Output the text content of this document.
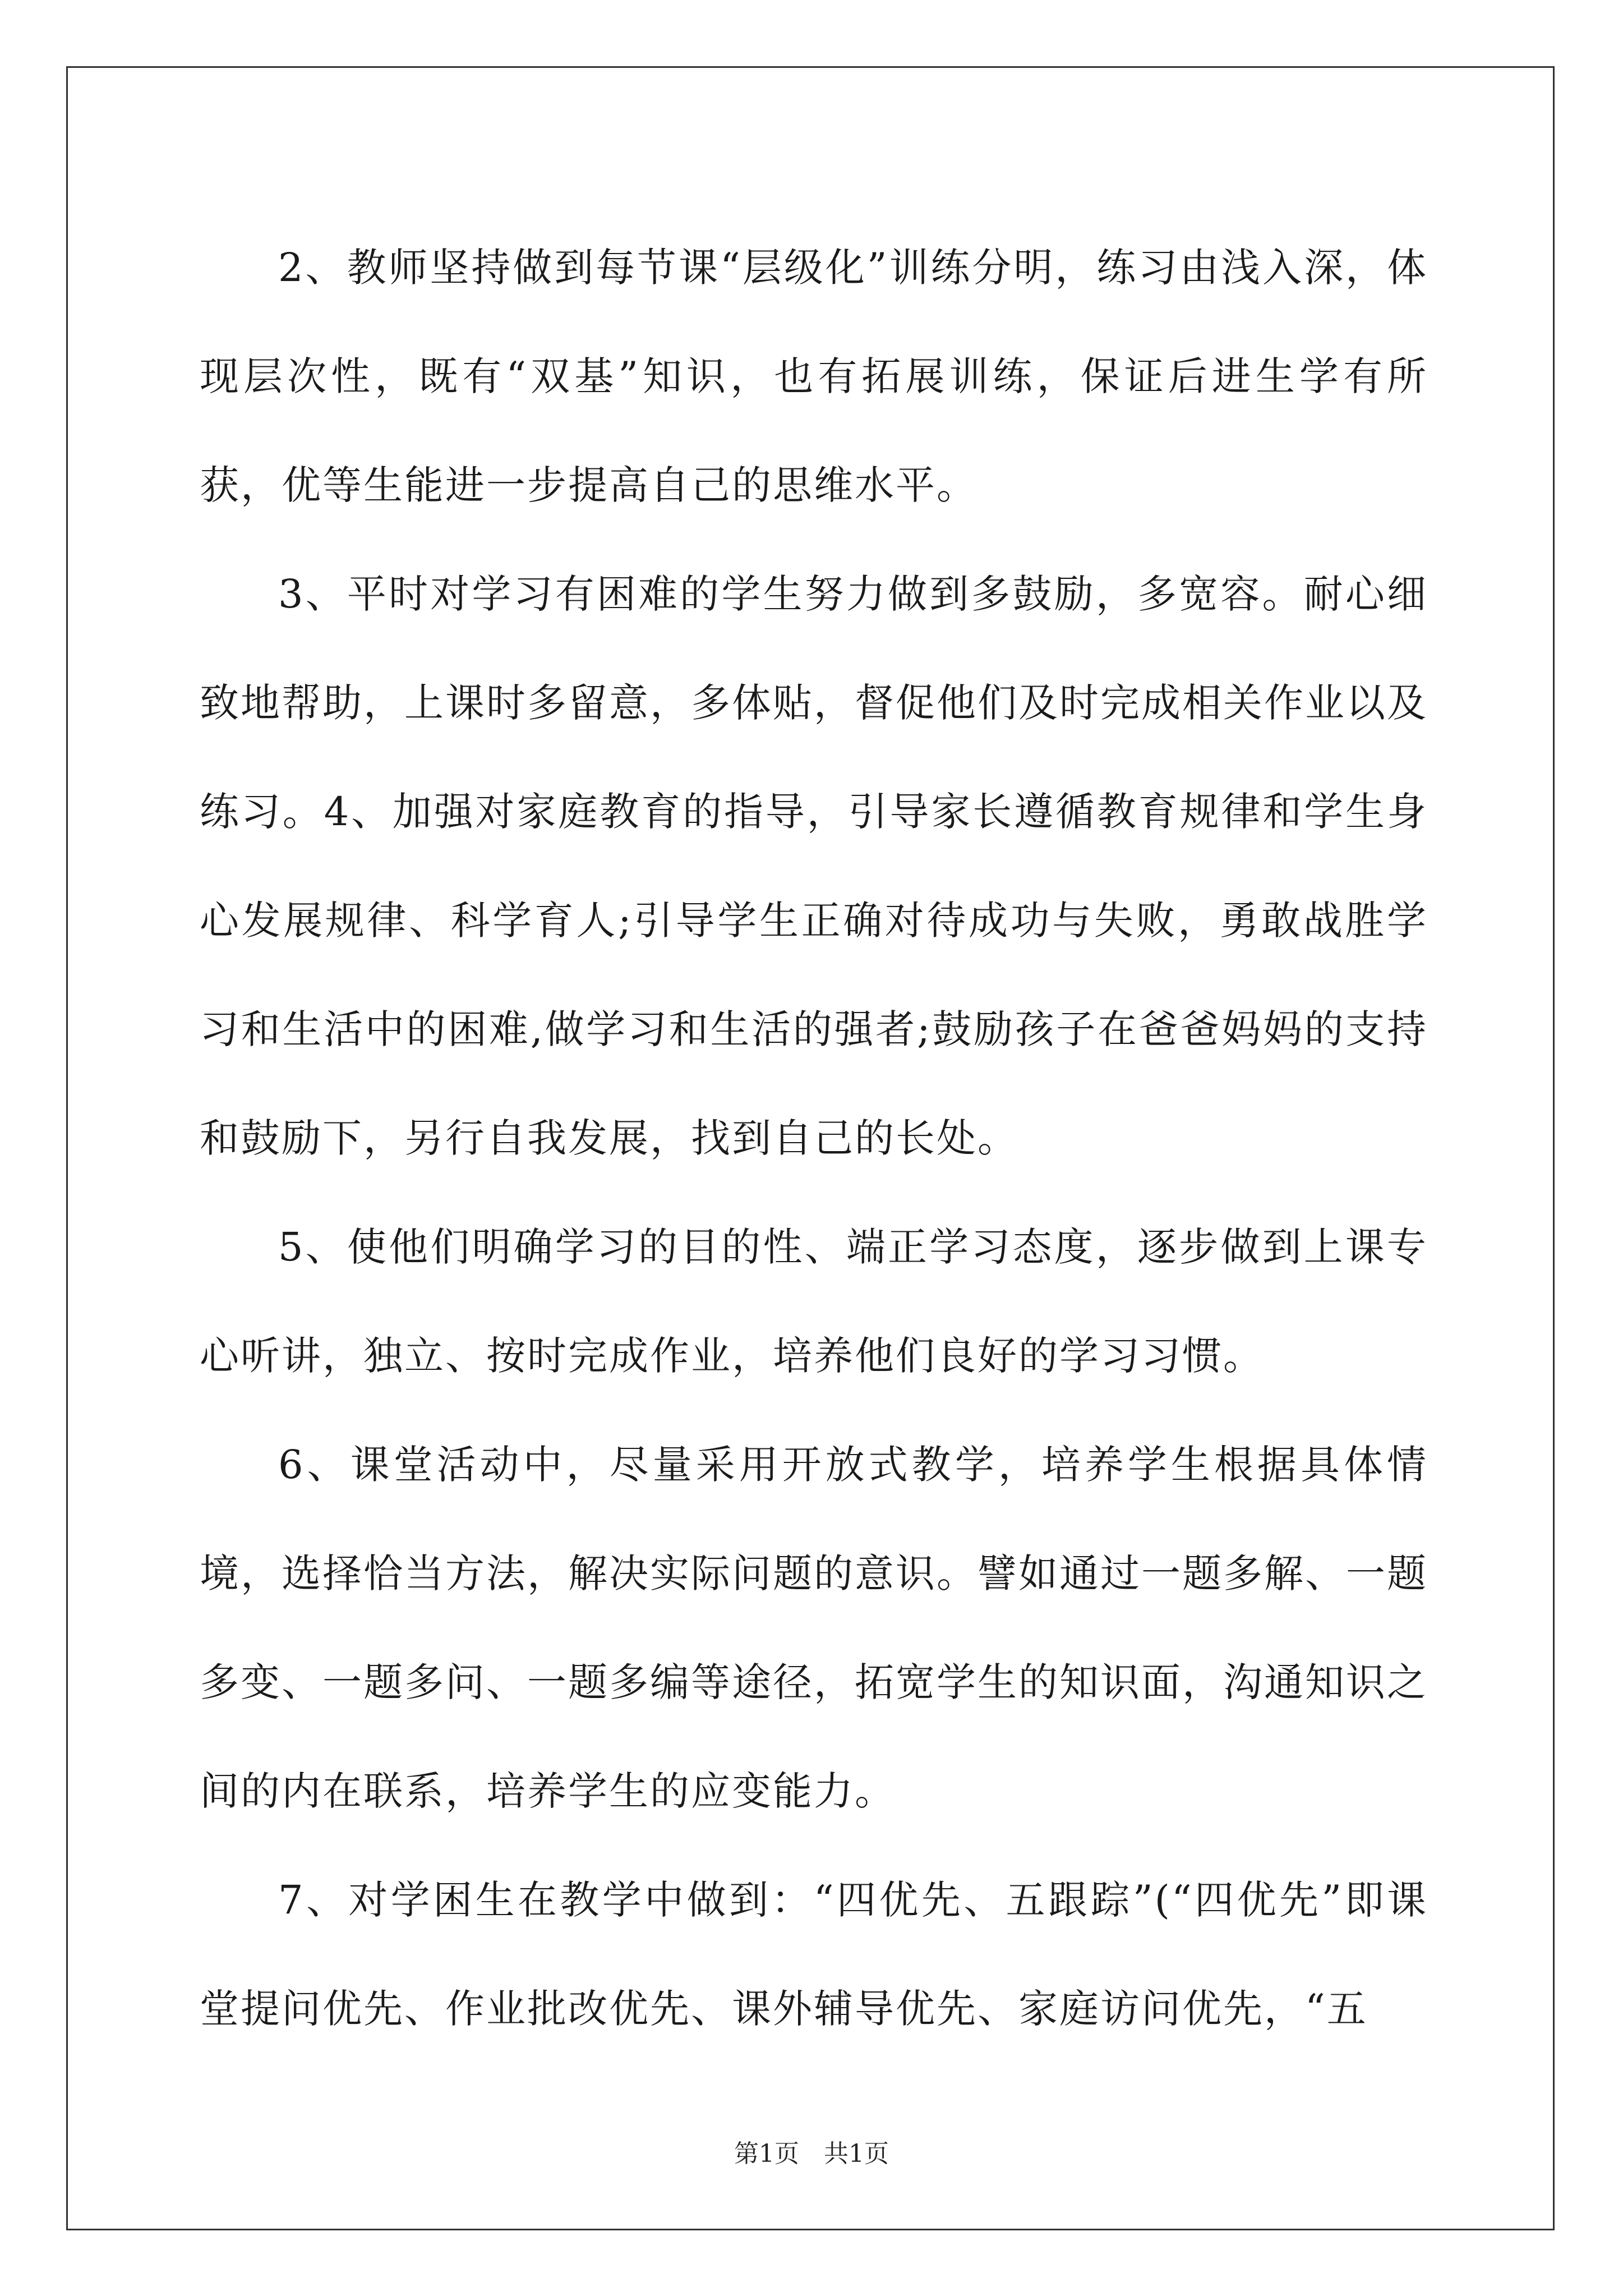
2、教师坚持做到每节课“层级化”训练分明，练习由浅入深，体现层次性，既有“双基”知识，也有拓展训练，保证后进生学有所获，优等生能进一步提高自己的思维水平。

3、平时对学习有困难的学生努力做到多鼓励，多宽容。耐心细致地帮助，上课时多留意，多体贴，督促他们及时完成相关作业以及练习。4、加强对家庭教育的指导，引导家长遵循教育规律和学生身心发展规律、科学育人;引导学生正确对待成功与失败，勇敢战胜学习和生活中的困难,做学习和生活的强者;鼓励孩子在爸爸妈妈的支持和鼓励下，另行自我发展，找到自己的长处。

5、使他们明确学习的目的性、端正学习态度，逐步做到上课专心听讲，独立、按时完成作业，培养他们良好的学习习惯。

6、课堂活动中，尽量采用开放式教学，培养学生根据具体情境，选择恰当方法，解决实际问题的意识。譬如通过一题多解、一题多变、一题多问、一题多编等途径，拓宽学生的知识面，沟通知识之间的内在联系，培养学生的应变能力。

7、对学困生在教学中做到：“四优先、五跟踪”(“四优先”即课堂提问优先、作业批改优先、课外辅导优先、家庭访问优先，“五

第1页　共1页
